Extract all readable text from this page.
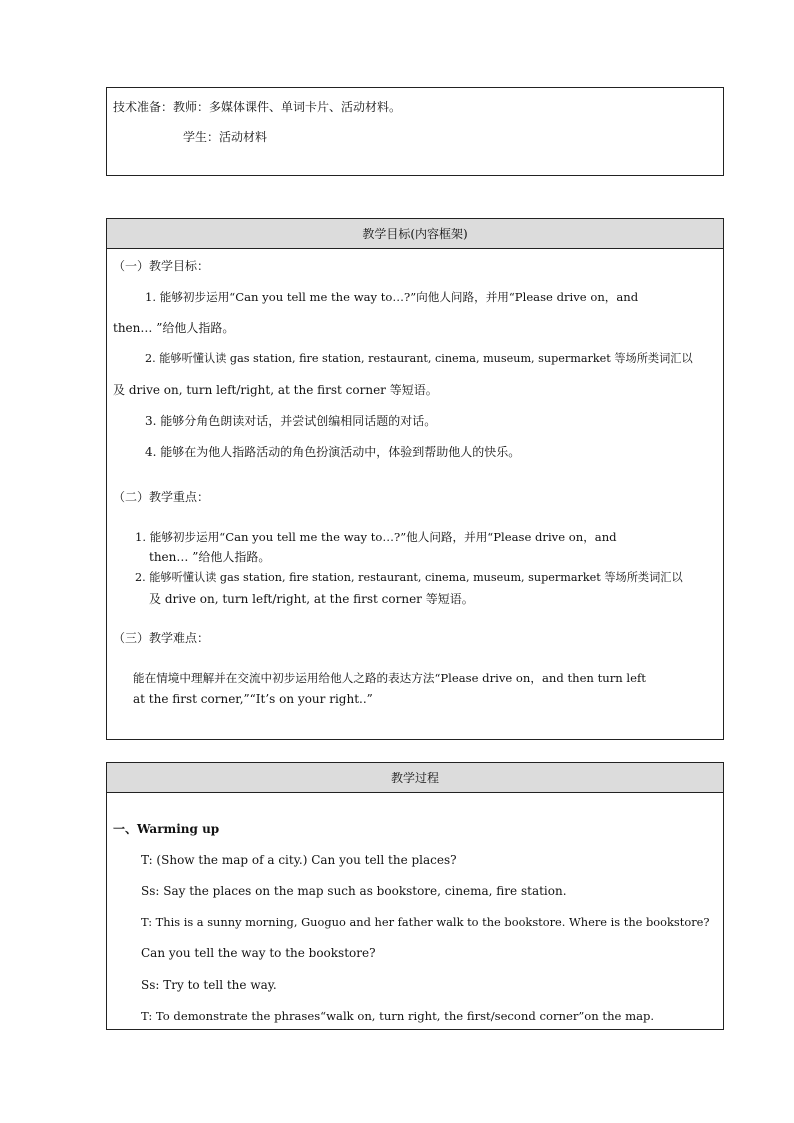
技术准备：教师：多媒体课件、单词卡片、活动材料。
学生：活动材料
教学目标(内容框架)
（一）教学目标：
1. 能够初步运用“Can you tell me the way to…?”向他人问路，并用“Please drive on，and
then… ”给他人指路。
2. 能够听懂认读 gas station, fire station, restaurant, cinema, museum, supermarket 等场所类词汇以
及 drive on, turn left/right, at the first corner 等短语。
3. 能够分角色朗读对话，并尝试创编相同话题的对话。
4. 能够在为他人指路活动的角色扮演活动中，体验到帮助他人的快乐。
（二）教学重点：
1. 能够初步运用“Can you tell me the way to…?”他人问路，并用“Please drive on，and
then… ”给他人指路。
2. 能够听懂认读 gas station, fire station, restaurant, cinema, museum, supermarket 等场所类词汇以
及 drive on, turn left/right, at the first corner 等短语。
（三）教学难点：
能在情境中理解并在交流中初步运用给他人之路的表达方法“Please drive on，and then turn left
at the first corner,”“It’s on your right..”
教学过程
一、Warming up
T: (Show the map of a city.) Can you tell the places?
Ss: Say the places on the map such as bookstore, cinema, fire station.
T: This is a sunny morning, Guoguo and her father walk to the bookstore. Where is the bookstore?
Can you tell the way to the bookstore?
Ss: Try to tell the way.
T: To demonstrate the phrases“walk on, turn right, the first/second corner”on the map.
